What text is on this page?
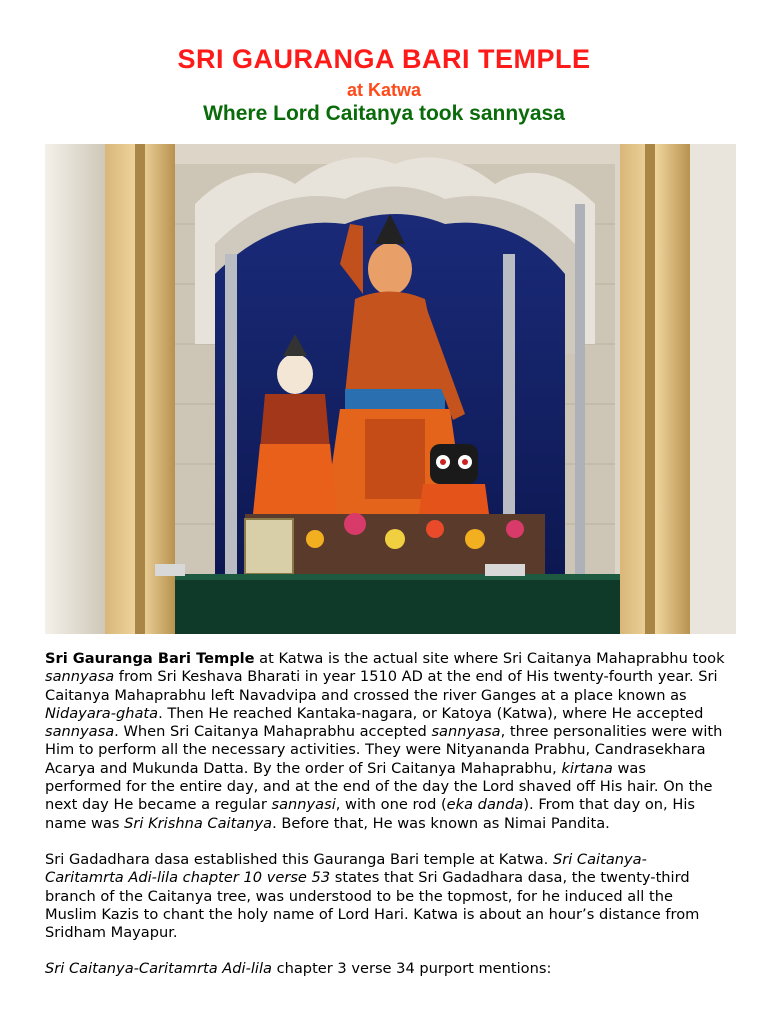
SRI GAURANGA BARI TEMPLE
at Katwa
Where Lord Caitanya took sannyasa

Sri Gauranga Bari Temple at Katwa is the actual site where Sri Caitanya Mahaprabhu took sannyasa from Sri Keshava Bharati in year 1510 AD at the end of His twenty-fourth year. Sri Caitanya Mahaprabhu left Navadvipa and crossed the river Ganges at a place known as Nidayara-ghata. Then He reached Kantaka-nagara, or Katoya (Katwa), where He accepted sannyasa. When Sri Caitanya Mahaprabhu accepted sannyasa, three personalities were with Him to perform all the necessary activities. They were Nityananda Prabhu, Candrasekhara Acarya and Mukunda Datta. By the order of Sri Caitanya Mahaprabhu, kirtana was performed for the entire day, and at the end of the day the Lord shaved off His hair. On the next day He became a regular sannyasi, with one rod (eka danda). From that day on, His name was Sri Krishna Caitanya. Before that, He was known as Nimai Pandita.

Sri Gadadhara dasa established this Gauranga Bari temple at Katwa. Sri Caitanya-Caritamrta Adi-lila chapter 10 verse 53 states that Sri Gadadhara dasa, the twenty-third branch of the Caitanya tree, was understood to be the topmost, for he induced all the Muslim Kazis to chant the holy name of Lord Hari. Katwa is about an hour’s distance from Sridham Mayapur.

Sri Caitanya-Caritamrta Adi-lila chapter 3 verse 34 purport mentions:
